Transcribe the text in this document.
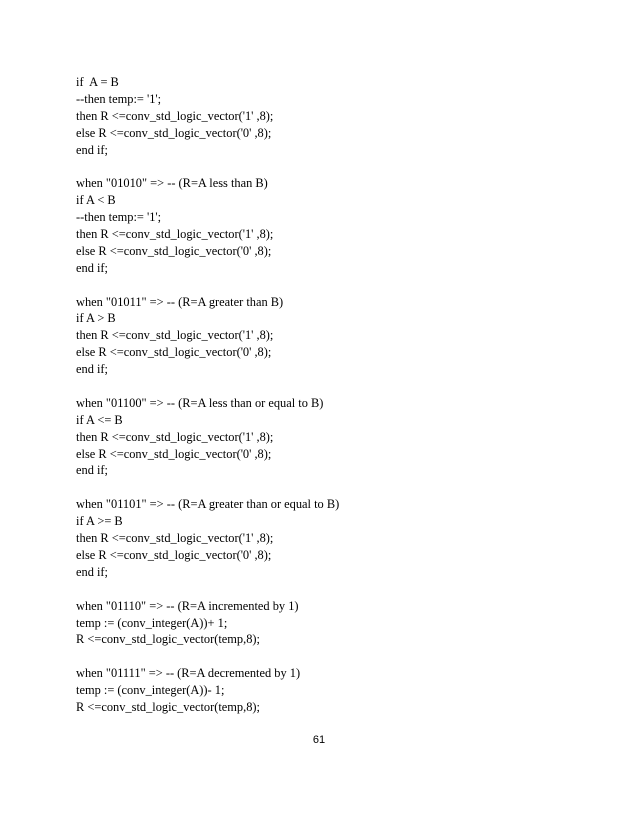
if  A = B
--then temp:= '1';
then R <=conv_std_logic_vector('1' ,8);
else R <=conv_std_logic_vector('0' ,8);
end if;
when "01010" => -- (R=A less than B)
if A < B
--then temp:= '1';
then R <=conv_std_logic_vector('1' ,8);
else R <=conv_std_logic_vector('0' ,8);
end if;
when "01011" => -- (R=A greater than B)
if A > B
then R <=conv_std_logic_vector('1' ,8);
else R <=conv_std_logic_vector('0' ,8);
end if;
when "01100" => -- (R=A less than or equal to B)
if A <= B
then R <=conv_std_logic_vector('1' ,8);
else R <=conv_std_logic_vector('0' ,8);
end if;
when "01101" => -- (R=A greater than or equal to B)
if A >= B
then R <=conv_std_logic_vector('1' ,8);
else R <=conv_std_logic_vector('0' ,8);
end if;
when "01110" => -- (R=A incremented by 1)
temp := (conv_integer(A))+ 1;
R <=conv_std_logic_vector(temp,8);
when "01111" => -- (R=A decremented by 1)
temp := (conv_integer(A))- 1;
R <=conv_std_logic_vector(temp,8);
61
